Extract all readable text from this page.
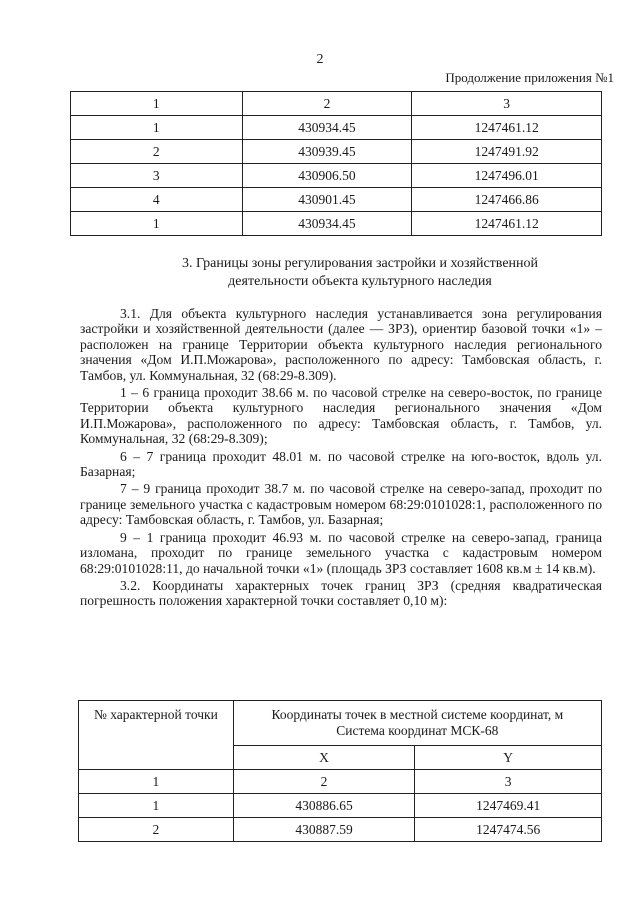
2
Продолжение приложения №1
1	2	3
1	430934.45	1247461.12
2	430939.45	1247491.92
3	430906.50	1247496.01
4	430901.45	1247466.86
1	430934.45	1247461.12
3. Границы зоны регулирования застройки и хозяйственной
деятельности объекта культурного наследия

3.1. Для объекта культурного наследия устанавливается зона регулирования застройки и хозяйственной деятельности (далее — ЗРЗ), ориентир базовой точки «1» – расположен на границе Территории объекта культурного наследия регионального значения «Дом И.П.Можарова», расположенного по адресу: Тамбовская область, г. Тамбов, ул. Коммунальная, 32 (68:29-8.309).

1 – 6 граница проходит 38.66 м. по часовой стрелке на северо-восток, по границе Территории объекта культурного наследия регионального значения «Дом И.П.Можарова», расположенного по адресу: Тамбовская область, г. Тамбов, ул. Коммунальная, 32 (68:29-8.309);

6 – 7 граница проходит 48.01 м. по часовой стрелке на юго-восток, вдоль ул. Базарная;

7 – 9 граница проходит 38.7 м. по часовой стрелке на северо-запад, проходит по границе земельного участка с кадастровым номером 68:29:0101028:1, расположенного по адресу: Тамбовская область, г. Тамбов, ул. Базарная;

9 – 1 граница проходит 46.93 м. по часовой стрелке на северо-запад, граница изломана, проходит по границе земельного участка с кадастровым номером 68:29:0101028:11, до начальной точки «1» (площадь ЗРЗ составляет 1608 кв.м ± 14 кв.м).

3.2. Координаты характерных точек границ ЗРЗ (средняя квадратическая погрешность положения характерной точки составляет 0,10 м):

№ характерной точки	Координаты точек в местной системе координат, м
Система координат МСК-68	

	X	Y
1	2	3
1	430886.65	1247469.41
2	430887.59	1247474.56
